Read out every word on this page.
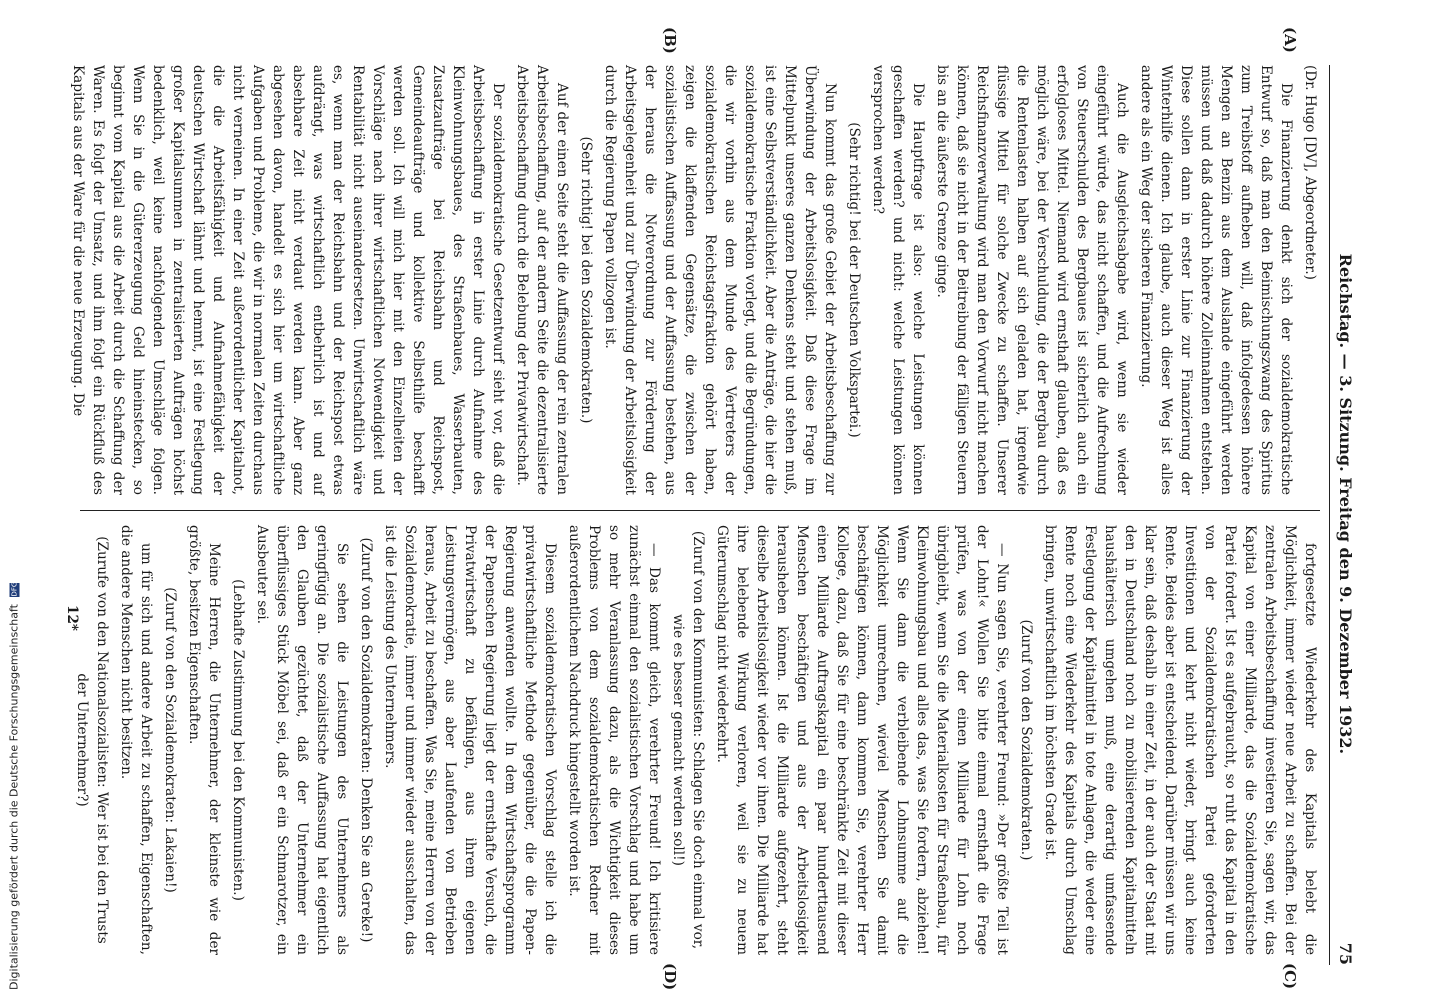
Reichstag. — 3. Sitzung. Freitag den 9. Dezember 1932.
75

(Dr. Hugo [DV], Abgeordneter.)

Die Finanzierung denkt sich der sozialdemokratische Entwurf so, daß man den Beimischungszwang des Spiritus zum Treibstoff aufheben will, daß infolgedessen höhere Mengen an Benzin aus dem Auslande eingeführt werden müssen und daß dadurch höhere Zolleinnahmen entstehen. Diese sollen dann in erster Linie zur Finanzierung der Winterhilfe dienen. Ich glaube, auch dieser Weg ist alles andere als ein Weg der sicheren Finanzierung.

Auch die Ausgleichsabgabe wird, wenn sie wieder eingeführt würde, das nicht schaffen, und die Aufrechnung von Steuerschulden des Bergbaues ist sicherlich auch ein erfolgloses Mittel. Niemand wird ernsthaft glauben, daß es möglich wäre, bei der Verschuldung, die der Bergbau durch die Rentenlasten halben auf sich geladen hat, irgendwie flüssige Mittel für solche Zwecke zu schaffen. Unserer Reichsfinanzverwaltung wird man den Vorwurf nicht machen können, daß sie nicht in der Beitreibung der fälligen Steuern bis an die äußerste Grenze ginge.

Die Hauptfrage ist also: welche Leistungen können geschaffen werden? und nicht: welche Leistungen können versprochen werden?

(Sehr richtig! bei der Deutschen Volkspartei.)

Nun kommt das große Gebiet der Arbeitsbeschaffung zur Überwindung der Arbeitslosigkeit. Daß diese Frage im Mittelpunkt unseres ganzen Denkens steht und stehen muß, ist eine Selbstverständlichkeit. Aber die Anträge, die hier die sozialdemokratische Fraktion vorlegt, und die Begründungen, die wir vorhin aus dem Munde des Vertreters der sozialdemokratischen Reichstagsfraktion gehört haben, zeigen die klaffenden Gegensätze, die zwischen der sozialistischen Auffassung und der Auffassung bestehen, aus der heraus die Notverordnung zur Förderung der Arbeitsgelegenheit und zur Überwindung der Arbeitslosigkeit durch die Regierung Papen vollzogen ist.

(Sehr richtig! bei den Sozialdemokraten.)

Auf der einen Seite steht die Auffassung der rein zentralen Arbeitsbeschaffung, auf der andern Seite die dezentralisierte Arbeitsbeschaffung durch die Belebung der Privatwirtschaft.

Der sozialdemokratische Gesetzentwurf sieht vor, daß die Arbeitsbeschaffung in erster Linie durch Aufnahme des Kleinwohnungsbaues, des Straßenbaues, Wasserbauten, Zusatzaufträge bei Reichsbahn und Reichspost, Gemeindeaufträge und kollektive Selbsthilfe beschafft werden soll. Ich will mich hier mit den Einzelheiten der Vorschläge nach ihrer wirtschaftlichen Notwendigkeit und Rentabilität nicht auseinandersetzen. Unwirtschaftlich wäre es, wenn man der Reichsbahn und der Reichspost etwas aufdrängt, was wirtschaftlich entbehrlich ist und auf absehbare Zeit nicht verdaut werden kann. Aber ganz abgesehen davon, handelt es sich hier um wirtschaftliche Aufgaben und Probleme, die wir in normalen Zeiten durchaus nicht verneinen. In einer Zeit außerordentlicher Kapitalnot, die die Arbeitsfähigkeit und Aufnahmefähigkeit der deutschen Wirtschaft lähmt und hemmt, ist eine Festlegung großer Kapitalsummen in zentralisierten Aufträgen höchst bedenklich, weil keine nachfolgenden Umschläge folgen. Wenn Sie in die Gütererzeugung Geld hineinstecken, so beginnt vom Kapital aus die Arbeit durch die Schaffung der Waren. Es folgt der Umsatz, und ihm folgt ein Rückfluß des Kapitals aus der Ware für die neue Erzeugung. Die

fortgesetzte Wiederkehr des Kapitals belebt die Möglichkeit, immer wieder neue Arbeit zu schaffen. Bei der zentralen Arbeitsbeschaffung investieren Sie, sagen wir, das Kapital von einer Milliarde, das die Sozialdemokratische Partei fordert. Ist es aufgebraucht, so ruht das Kapital in den von der Sozialdemokratischen Partei geforderten Investitionen und kehrt nicht wieder, bringt auch keine Rente. Beides aber ist entscheidend. Darüber müssen wir uns klar sein, daß deshalb in einer Zeit, in der auch der Staat mit den in Deutschland noch zu mobilisierenden Kapitalmitteln haushälterisch umgehen muß, eine derartig umfassende Festlegung der Kapitalmittel in tote Anlagen, die weder eine Rente noch eine Wiederkehr des Kapitals durch Umschlag bringen, unwirtschaftlich im höchsten Grade ist.

(Zuruf von den Sozialdemokraten.)

— Nun sagen Sie, verehrter Freund: »Der größte Teil ist der Lohn!« Wollen Sie bitte einmal ernsthaft die Frage prüfen, was von der einen Milliarde für Lohn noch übrigbleibt, wenn Sie die Materialkosten für Straßenbau, für Kleinwohnungsbau und alles das, was Sie fordern, abziehen! Wenn Sie dann die verbleibende Lohnsumme auf die Möglichkeit umrechnen, wieviel Menschen Sie damit beschäftigen können, dann kommen Sie, verehrter Herr Kollege, dazu, daß Sie für eine beschränkte Zeit mit dieser einen Milliarde Auftragskapital ein paar hunderttausend Menschen beschäftigen und aus der Arbeitslosigkeit herausheben können. Ist die Milliarde aufgezehrt, steht dieselbe Arbeitslosigkeit wieder vor ihnen. Die Milliarde hat ihre belebende Wirkung verloren, weil sie zu neuem Güterumschlag nicht wiederkehrt.

(Zuruf von den Kommunisten: Schlagen Sie doch einmal vor, wie es besser gemacht werden soll!)

— Das kommt gleich, verehrter Freund! Ich kritisiere zunächst einmal den sozialistischen Vorschlag und habe um so mehr Veranlassung dazu, als die Wichtigkeit dieses Problems von dem sozialdemokratischen Redner mit außerordentlichem Nachdruck hingestellt worden ist.

Diesem sozialdemokratischen Vorschlag stelle ich die privatwirtschaftliche Methode gegenüber, die die Papen-Regierung anwenden wollte. In dem Wirtschaftsprogramm der Papenschen Regierung liegt der ernsthafte Versuch, die Privatwirtschaft zu befähigen, aus ihrem eigenen Leistungsvermögen, aus aber Laufenden von Betrieben heraus, Arbeit zu beschaffen. Was Sie, meine Herren von der Sozialdemokratie, immer und immer wieder ausschalten, das ist die Leistung des Unternehmers.

(Zuruf von den Sozialdemokraten: Denken Sie an Gereke!)

Sie sehen die Leistungen des Unternehmers als geringfügig an. Die sozialistische Auffassung hat eigentlich den Glauben gezüchtet, daß der Unternehmer ein überflüssiges Stück Möbel sei, daß er ein Schmarotzer, ein Ausbeuter sei.

(Lebhafte Zustimmung bei den Kommunisten.)

Meine Herren, die Unternehmer, der kleinste wie der größte, besitzen Eigenschaften.

(Zuruf von den Sozialdemokraten: Lakaien!)

um für sich und andere Arbeit zu schaffen, Eigenschaften, die andere Menschen nicht besitzen.

(Zurufe von den Nationalsozialisten: Wer ist bei den Trusts der Unternehmer?)

(A)
(B)
(C)
(D)
12*
Digitalisierung gefördert durch die Deutsche Forschungsgemeinschaft DFG
